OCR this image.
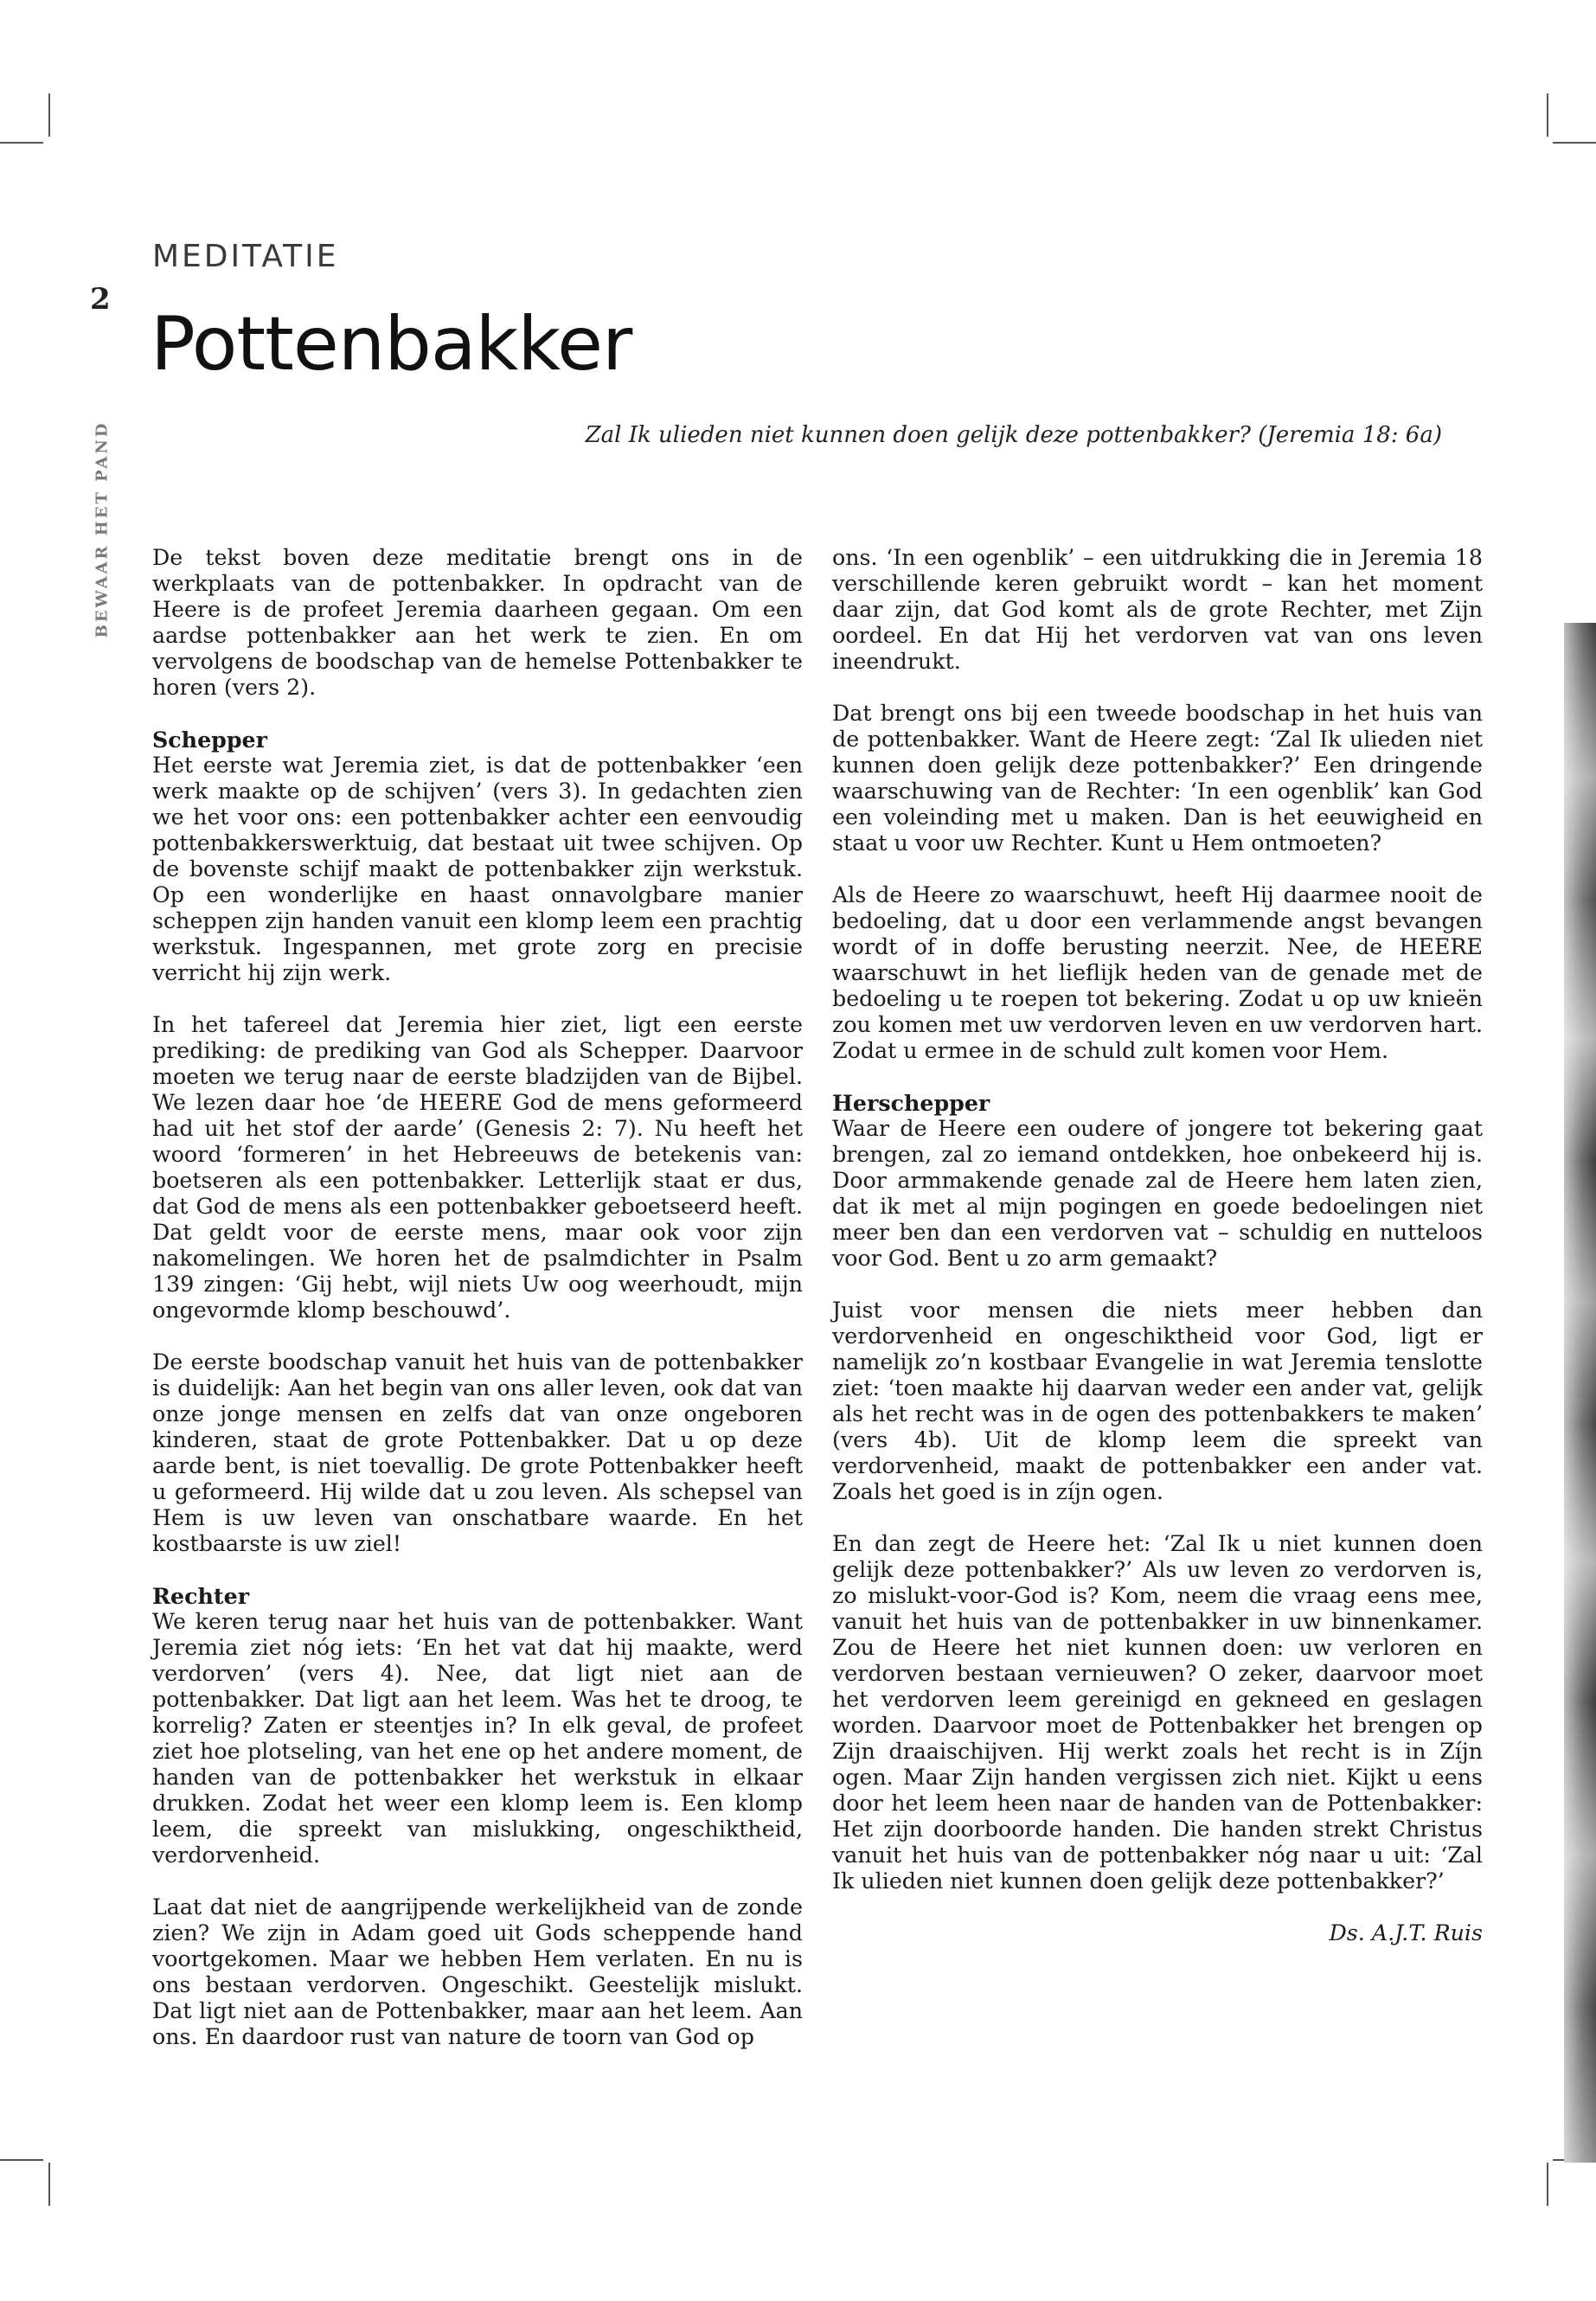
2
BEWAAR HET PAND
MEDITATIE
Pottenbakker
Zal Ik ulieden niet kunnen doen gelijk deze pottenbakker? (Jeremia 18: 6a)

De tekst boven deze meditatie brengt ons in de werkplaats van de pottenbakker. In opdracht van de Heere is de profeet Jeremia daarheen gegaan. Om een aardse pottenbakker aan het werk te zien. En om vervolgens de boodschap van de hemelse Pottenbakker te horen (vers 2).

Schepper

Het eerste wat Jeremia ziet, is dat de pottenbakker ‘een werk maakte op de schijven’ (vers 3). In gedachten zien we het voor ons: een pottenbakker achter een eenvoudig pottenbakkerswerktuig, dat bestaat uit twee schijven. Op de bovenste schijf maakt de pottenbakker zijn werkstuk. Op een wonderlijke en haast onnavolgbare manier scheppen zijn handen vanuit een klomp leem een prachtig werkstuk. Ingespannen, met grote zorg en precisie verricht hij zijn werk.

In het tafereel dat Jeremia hier ziet, ligt een eerste prediking: de prediking van God als Schepper. Daarvoor moeten we terug naar de eerste bladzijden van de Bijbel. We lezen daar hoe ‘de HEERE God de mens geformeerd had uit het stof der aarde’ (Genesis 2: 7). Nu heeft het woord ‘formeren’ in het Hebreeuws de betekenis van: boetseren als een pottenbakker. Letterlijk staat er dus, dat God de mens als een pottenbakker geboetseerd heeft. Dat geldt voor de eerste mens, maar ook voor zijn nakomelingen. We horen het de psalmdichter in Psalm 139 zingen: ‘Gij hebt, wijl niets Uw oog weerhoudt, mijn ongevormde klomp beschouwd’.

De eerste boodschap vanuit het huis van de pottenbakker is duidelijk: Aan het begin van ons aller leven, ook dat van onze jonge mensen en zelfs dat van onze ongeboren kinderen, staat de grote Pottenbakker. Dat u op deze aarde bent, is niet toevallig. De grote Pottenbakker heeft u geformeerd. Hij wilde dat u zou leven. Als schepsel van Hem is uw leven van onschatbare waarde. En het kostbaarste is uw ziel!

Rechter

We keren terug naar het huis van de pottenbakker. Want Jeremia ziet nóg iets: ‘En het vat dat hij maakte, werd verdorven’ (vers 4). Nee, dat ligt niet aan de pottenbakker. Dat ligt aan het leem. Was het te droog, te korrelig? Zaten er steentjes in? In elk geval, de profeet ziet hoe plotseling, van het ene op het andere moment, de handen van de pottenbakker het werkstuk in elkaar drukken. Zodat het weer een klomp leem is. Een klomp leem, die spreekt van mislukking, ongeschiktheid, verdorvenheid.

Laat dat niet de aangrijpende werkelijkheid van de zonde zien? We zijn in Adam goed uit Gods scheppende hand voortgekomen. Maar we hebben Hem verlaten. En nu is ons bestaan verdorven. Ongeschikt. Geestelijk mislukt. Dat ligt niet aan de Pottenbakker, maar aan het leem. Aan ons. En daardoor rust van nature de toorn van God op

ons. ‘In een ogenblik’ – een uitdrukking die in Jeremia 18 verschillende keren gebruikt wordt – kan het moment daar zijn, dat God komt als de grote Rechter, met Zijn oordeel. En dat Hij het verdorven vat van ons leven ineendrukt.

Dat brengt ons bij een tweede boodschap in het huis van de pottenbakker. Want de Heere zegt: ‘Zal Ik ulieden niet kunnen doen gelijk deze pottenbakker?’ Een dringende waarschuwing van de Rechter: ‘In een ogenblik’ kan God een voleinding met u maken. Dan is het eeuwigheid en staat u voor uw Rechter. Kunt u Hem ontmoeten?

Als de Heere zo waarschuwt, heeft Hij daarmee nooit de bedoeling, dat u door een verlammende angst bevangen wordt of in doffe berusting neerzit. Nee, de HEERE waarschuwt in het lieflijk heden van de genade met de bedoeling u te roepen tot bekering. Zodat u op uw knieën zou komen met uw verdorven leven en uw verdorven hart. Zodat u ermee in de schuld zult komen voor Hem.

Herschepper

Waar de Heere een oudere of jongere tot bekering gaat brengen, zal zo iemand ontdekken, hoe onbekeerd hij is. Door armmakende genade zal de Heere hem laten zien, dat ik met al mijn pogingen en goede bedoelingen niet meer ben dan een verdorven vat – schuldig en nutteloos voor God. Bent u zo arm gemaakt?

Juist voor mensen die niets meer hebben dan verdorvenheid en ongeschiktheid voor God, ligt er namelijk zo’n kostbaar Evangelie in wat Jeremia tenslotte ziet: ‘toen maakte hij daarvan weder een ander vat, gelijk als het recht was in de ogen des pottenbakkers te maken’ (vers 4b). Uit de klomp leem die spreekt van verdorvenheid, maakt de pottenbakker een ander vat. Zoals het goed is in zíjn ogen.

En dan zegt de Heere het: ‘Zal Ik u niet kunnen doen gelijk deze pottenbakker?’ Als uw leven zo verdorven is, zo mislukt-voor-God is? Kom, neem die vraag eens mee, vanuit het huis van de pottenbakker in uw binnenkamer. Zou de Heere het niet kunnen doen: uw verloren en verdorven bestaan vernieuwen? O zeker, daarvoor moet het verdorven leem gereinigd en gekneed en geslagen worden. Daarvoor moet de Pottenbakker het brengen op Zijn draaischijven. Hij werkt zoals het recht is in Zíjn ogen. Maar Zijn handen vergissen zich niet. Kijkt u eens door het leem heen naar de handen van de Pottenbakker: Het zijn doorboorde handen. Die handen strekt Christus vanuit het huis van de pottenbakker nóg naar u uit: ‘Zal Ik ulieden niet kunnen doen gelijk deze pottenbakker?’

Ds. A.J.T. Ruis
